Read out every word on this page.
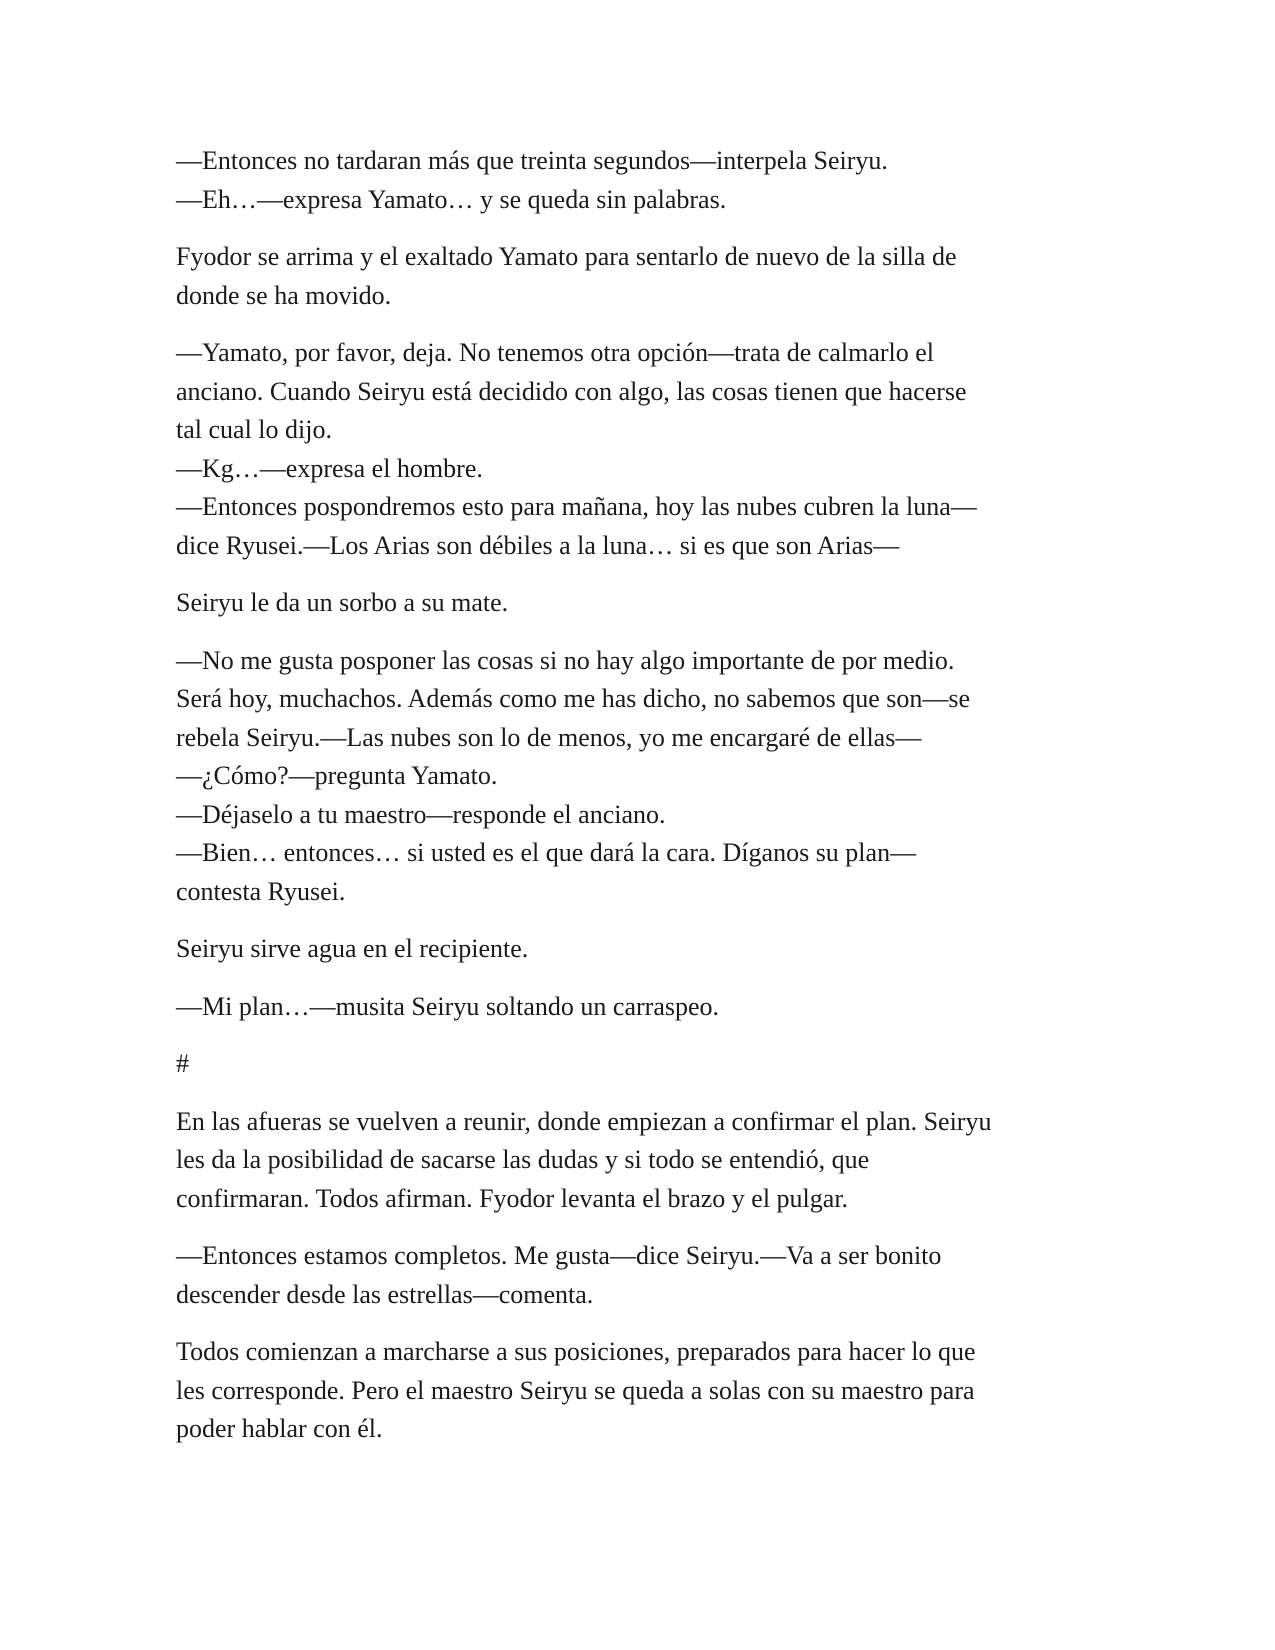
—Entonces no tardaran más que treinta segundos—interpela Seiryu.
—Eh…—expresa Yamato… y se queda sin palabras.

Fyodor se arrima y el exaltado Yamato para sentarlo de nuevo de la silla de
donde se ha movido.

—Yamato, por favor, deja. No tenemos otra opción—trata de calmarlo el
anciano. Cuando Seiryu está decidido con algo, las cosas tienen que hacerse
tal cual lo dijo.
—Kg…—expresa el hombre.
—Entonces pospondremos esto para mañana, hoy las nubes cubren la luna—
dice Ryusei.—Los Arias son débiles a la luna… si es que son Arias—

Seiryu le da un sorbo a su mate.

—No me gusta posponer las cosas si no hay algo importante de por medio.
Será hoy, muchachos. Además como me has dicho, no sabemos que son—se
rebela Seiryu.—Las nubes son lo de menos, yo me encargaré de ellas—
—¿Cómo?—pregunta Yamato.
—Déjaselo a tu maestro—responde el anciano.
—Bien… entonces… si usted es el que dará la cara. Díganos su plan—
contesta Ryusei.

Seiryu sirve agua en el recipiente.

—Mi plan…—musita Seiryu soltando un carraspeo.

#

En las afueras se vuelven a reunir, donde empiezan a confirmar el plan. Seiryu
les da la posibilidad de sacarse las dudas y si todo se entendió, que
confirmaran. Todos afirman. Fyodor levanta el brazo y el pulgar.

—Entonces estamos completos. Me gusta—dice Seiryu.—Va a ser bonito
descender desde las estrellas—comenta.

Todos comienzan a marcharse a sus posiciones, preparados para hacer lo que
les corresponde. Pero el maestro Seiryu se queda a solas con su maestro para
poder hablar con él.
